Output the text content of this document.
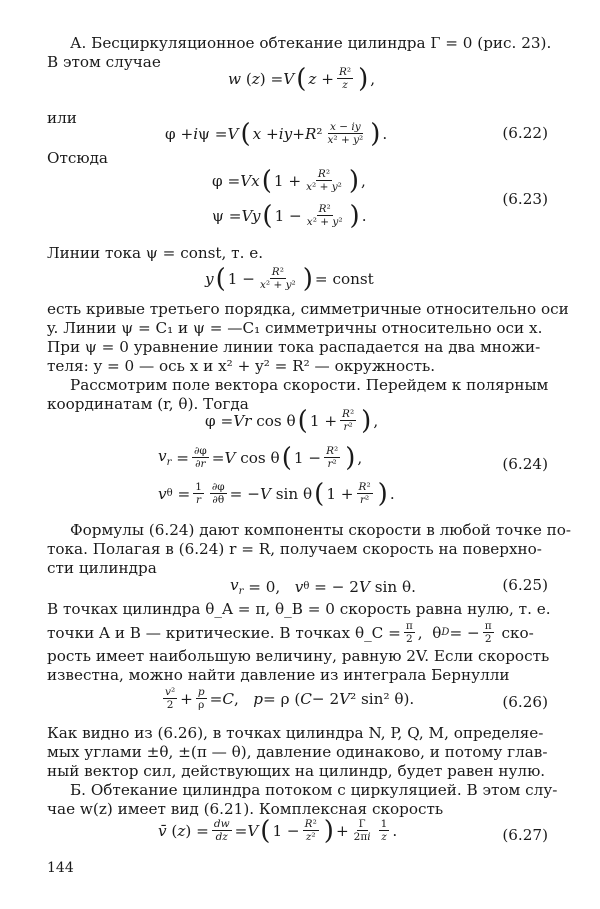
А. Бесциркуляционное обтекание цилиндра Г = 0 (рис. 23).
В этом случае
w ( z ) = V ( z + R²
z ) ,
или
φ + i ψ = V ( x + iy + R ² x − iy
x² + y² ) .	(6.22)
Отсюда
φ = Vx ( 1 + R²
x² + y² ) ,
ψ = Vy ( 1 − R²
x² + y² ) .
(6.23)
Линии тока ψ = const, т. е.
y ( 1 − R²
x² + y² ) = const
есть кривые третьего порядка, симметричные относительно оси
y. Линии ψ = C₁ и ψ = —C₁ симметричны относительно оси x.
При ψ = 0 уравнение линии тока распадается на два множи-
теля: y = 0 — ось x и x² + y² = R² — окружность.
Рассмотрим поле вектора скорости. Перейдем к полярным
координатам (r, θ). Тогда
φ = Vr cos θ ( 1 + R²
r² ) ,
$v_r = \partial\varphi$
∂r = V cos θ ( 1 − R²
r² ) ,
v θ = 1
r
∂φ
∂θ = − V sin θ ( 1 + R²
r² ) .
(6.24)
Формулы (6.24) дают компоненты скорости в любой точке по-
тока. Полагая в (6.24) r = R, получаем скорость на поверхно-
сти цилиндра
$v_r = 0$, v θ = − 2 V sin θ.	(6.25)
В точках цилиндра θ_A = π, θ_B = 0 скорость равна нулю, т. е.
точки A и B — критические. В точках θ_C = $\frac{\pi}{2}$ ,  θ D = − π
2
ско-
рость имеет наибольшую величину, равную 2V. Если скорость
известна, можно найти давление из интеграла Бернулли
v²
2 + p
ρ = C , p = ρ ( C − 2 V ² sin² θ).	(6.26)
Как видно из (6.26), в точках цилиндра N, P, Q, M, определяе-
мых углами ±θ, ±(π — θ), давление одинаково, и потому глав-
ный вектор сил, действующих на цилиндр, будет равен нулю.
Б. Обтекание цилиндра потоком с циркуляцией. В этом слу-
чае w(z) имеет вид (6.21). Комплексная скорость
v̄ ( z ) = dw
dz = V ( 1 − R²
z² ) + Г
2πi
1
z .	(6.27)
144
